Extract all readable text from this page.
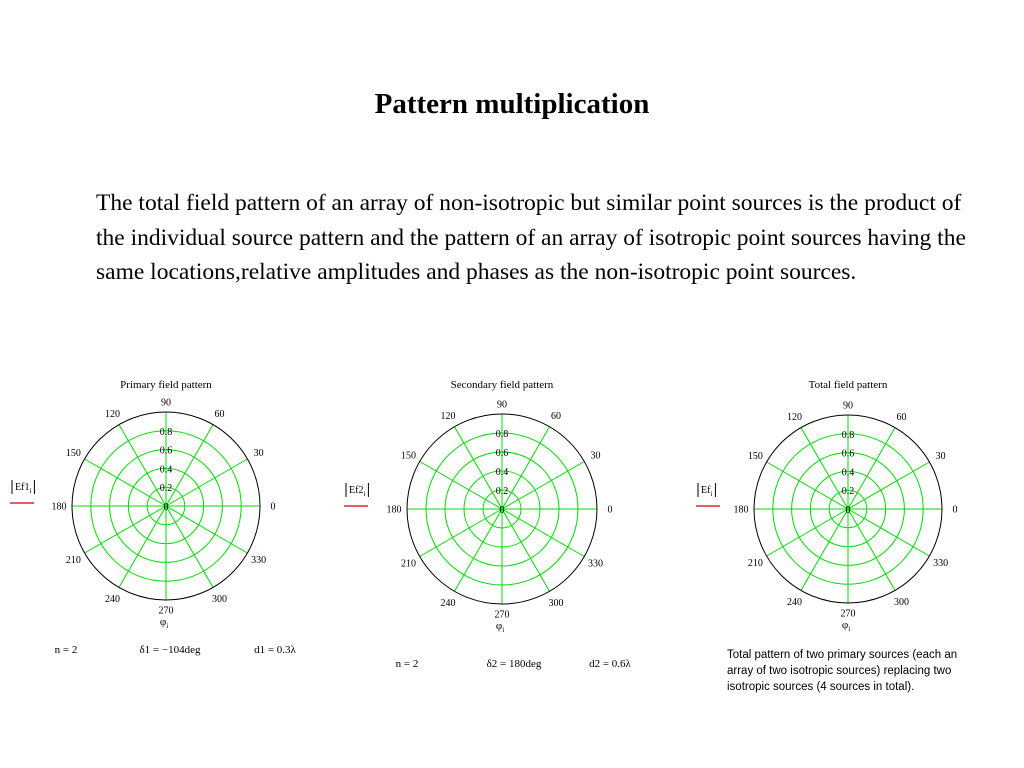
Pattern multiplication

The total field pattern of an array of non-isotropic but similar point sources is the product of the individual source pattern and the pattern of an array of isotropic point sources having the same locations,relative amplitudes and phases as the non-isotropic point sources.

Primary field pattern
0
30
60
90
120
150
180
210
240
270
300
330
0
0.2
0.4
0.6
0.8
$Ef1_i$
$\varphi_i$
n = 2	δ1 = −104deg	d1 = 0.3λ
Secondary field pattern
0
30
60
90
120
150
180
210
240
270
300
330
0
0.2
0.4
0.6
0.8
$Ef2_i$
$\varphi_i$
n = 2	δ2 = 180deg	d2 = 0.6λ
Total field pattern
0
30
60
90
120
150
180
210
240
270
300
330
0
0.2
0.4
0.6
0.8
$Ef_i$
$\varphi_i$

Total pattern of two primary sources (each an array of two isotropic sources) replacing two isotropic sources (4 sources in total).
